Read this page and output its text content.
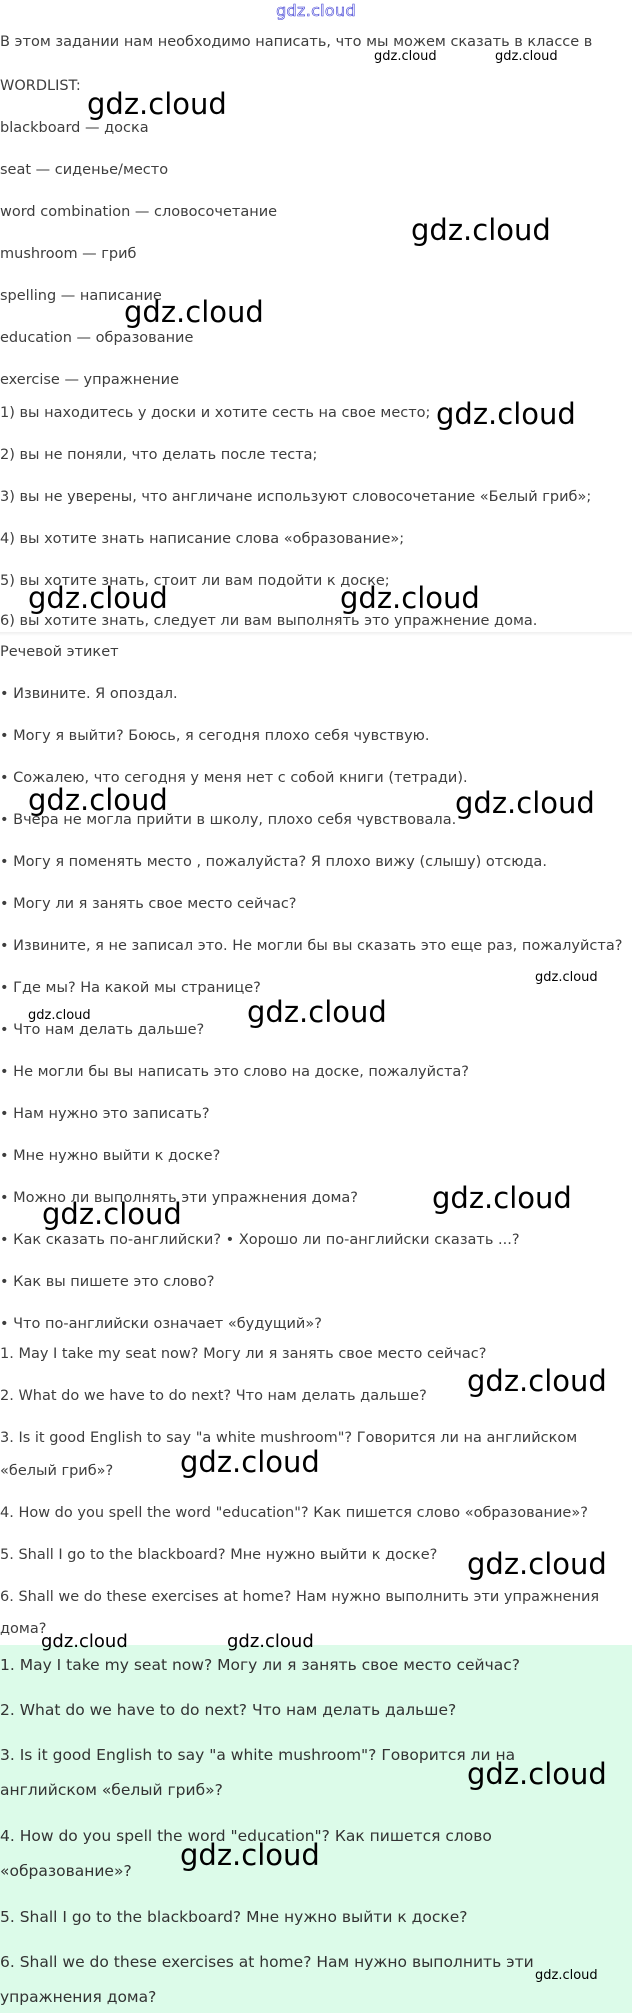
gdz.cloud
В этом задании нам необходимо написать, что мы можем сказать в классе в
WORDLIST:
blackboard — доска
seat — сиденье/место
word combination — словосочетание
mushroom — гриб
spelling — написание
education — образование
exercise — упражнение
1) вы находитесь у доски и хотите сесть на свое место;
2) вы не поняли, что делать после теста;
3) вы не уверены, что англичане используют словосочетание «Белый гриб»;
4) вы хотите знать написание слова «образование»;
5) вы хотите знать, стоит ли вам подойти к доске;
6) вы хотите знать, следует ли вам выполнять это упражнение дома.
Речевой этикет
• Извините. Я опоздал.
• Могу я выйти? Боюсь, я сегодня плохо себя чувствую.
• Сожалею, что сегодня у меня нет с собой книги (тетради).
• Вчера не могла прийти в школу, плохо себя чувствовала.
• Могу я поменять место , пожалуйста? Я плохо вижу (слышу) отсюда.
• Могу ли я занять свое место сейчас?
• Извините, я не записал это. Не могли бы вы сказать это еще раз, пожалуйста?
• Где мы? На какой мы странице?
• Что нам делать дальше?
• Не могли бы вы написать это слово на доске, пожалуйста?
• Нам нужно это записать?
• Мне нужно выйти к доске?
• Можно ли выполнять эти упражнения дома?
• Как сказать по-английски? • Хорошо ли по-английски сказать ...?
• Как вы пишете это слово?
• Что по-английски означает «будущий»?
1. May I take my seat now? Могу ли я занять свое место сейчас?
2. What do we have to do next? Что нам делать дальше?
3. Is it good English to say "a white mushroom"? Говорится ли на английском
«белый гриб»?
4. How do you spell the word "education"? Как пишется слово «образование»?
5. Shall I go to the blackboard? Мне нужно выйти к доске?
6. Shall we do these exercises at home? Нам нужно выполнить эти упражнения
дома?
1. May I take my seat now? Могу ли я занять свое место сейчас?
2. What do we have to do next? Что нам делать дальше?
3. Is it good English to say "a white mushroom"? Говорится ли на
английском «белый гриб»?
4. How do you spell the word "education"? Как пишется слово
«образование»?
5. Shall I go to the blackboard? Мне нужно выйти к доске?
6. Shall we do these exercises at home? Нам нужно выполнить эти
упражнения дома?
gdz.cloud	gdz.cloud
gdz.cloud
gdz.cloud
gdz.cloud
gdz.cloud
gdz.cloud	gdz.cloud
gdz.cloud	gdz.cloud
gdz.cloud
gdz.cloud
gdz.cloud
gdz.cloud
gdz.cloud
gdz.cloud
gdz.cloud
gdz.cloud
gdz.cloud	gdz.cloud
gdz.cloud
gdz.cloud
gdz.cloud
